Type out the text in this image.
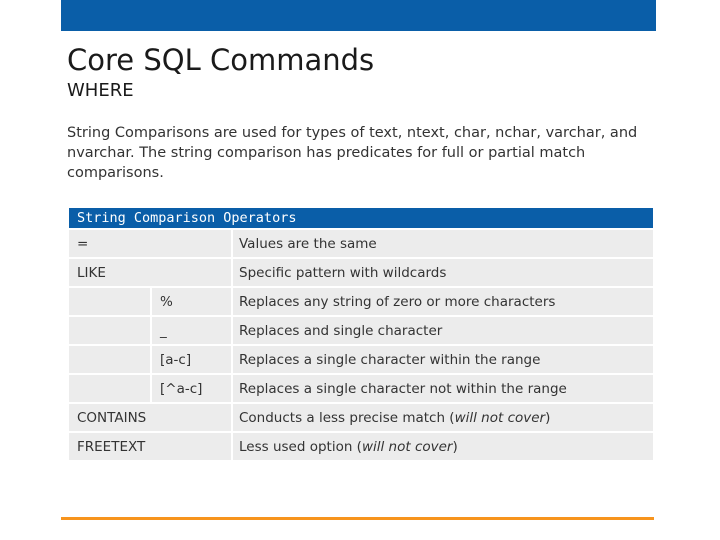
Core SQL Commands
WHERE
String Comparisons are used for types of text, ntext, char, nchar, varchar, and nvarchar. The string comparison has predicates for full or partial match comparisons.
String Comparison Operators		
=		Values are the same
LIKE		Specific pattern with wildcards
	%	Replaces any string of zero or more characters
	_	Replaces and single character
	[a-c]	Replaces a single character within the range
	[^a-c]	Replaces a single character not within the range
CONTAINS		Conducts a less precise match (will not cover)
FREETEXT		Less used option (will not cover)
